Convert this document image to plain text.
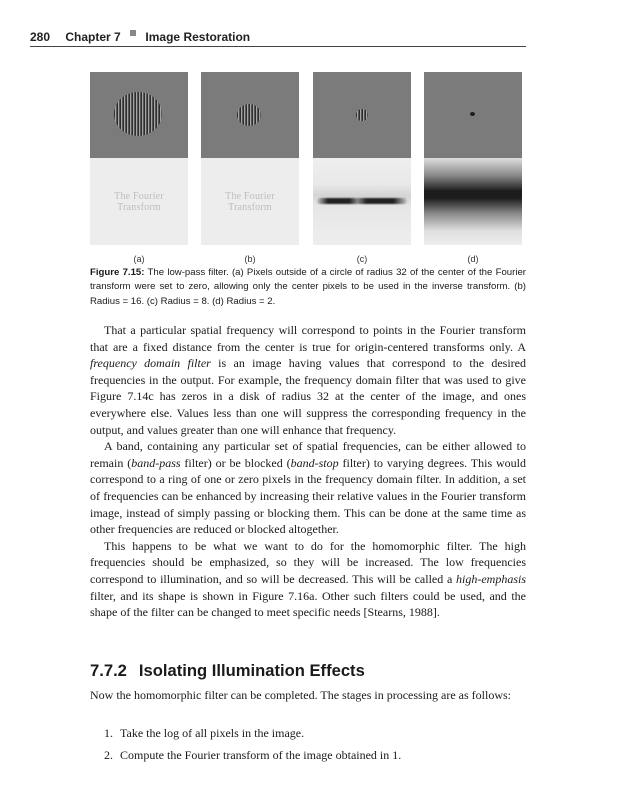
280 Chapter 7 Image Restoration
The Fourier Transform
(a)
The Fourier Transform
(b)	(c)	(d)
Figure 7.15: The low-pass filter. (a) Pixels outside of a circle of radius 32 of the center of the Fourier transform were set to zero, allowing only the center pixels to be used in the inverse transform. (b) Radius = 16. (c) Radius = 8. (d) Radius = 2.

That a particular spatial frequency will correspond to points in the Fourier transform that are a fixed distance from the center is true for origin-centered transforms only. A frequency domain filter is an image having values that correspond to the desired frequencies in the output. For example, the frequency domain filter that was used to give Figure 7.14c has zeros in a disk of radius 32 at the center of the image, and ones everywhere else. Values less than one will suppress the corresponding frequency in the output, and values greater than one will enhance that frequency.

A band, containing any particular set of spatial frequencies, can be either allowed to remain (band-pass filter) or be blocked (band-stop filter) to varying degrees. This would correspond to a ring of one or zero pixels in the frequency domain filter. In addition, a set of frequencies can be enhanced by increasing their relative values in the Fourier transform image, instead of simply passing or blocking them. This can be done at the same time as other frequencies are reduced or blocked altogether.

This happens to be what we want to do for the homomorphic filter. The high frequencies should be emphasized, so they will be increased. The low frequencies correspond to illumination, and so will be decreased. This will be called a high-emphasis filter, and its shape is shown in Figure 7.16a. Other such filters could be used, and the shape of the filter can be changed to meet specific needs [Stearns, 1988].

7.7.2 Isolating Illumination Effects
Now the homomorphic filter can be completed. The stages in processing are as follows:
1. Take the log of all pixels in the image.
2. Compute the Fourier transform of the image obtained in 1.
